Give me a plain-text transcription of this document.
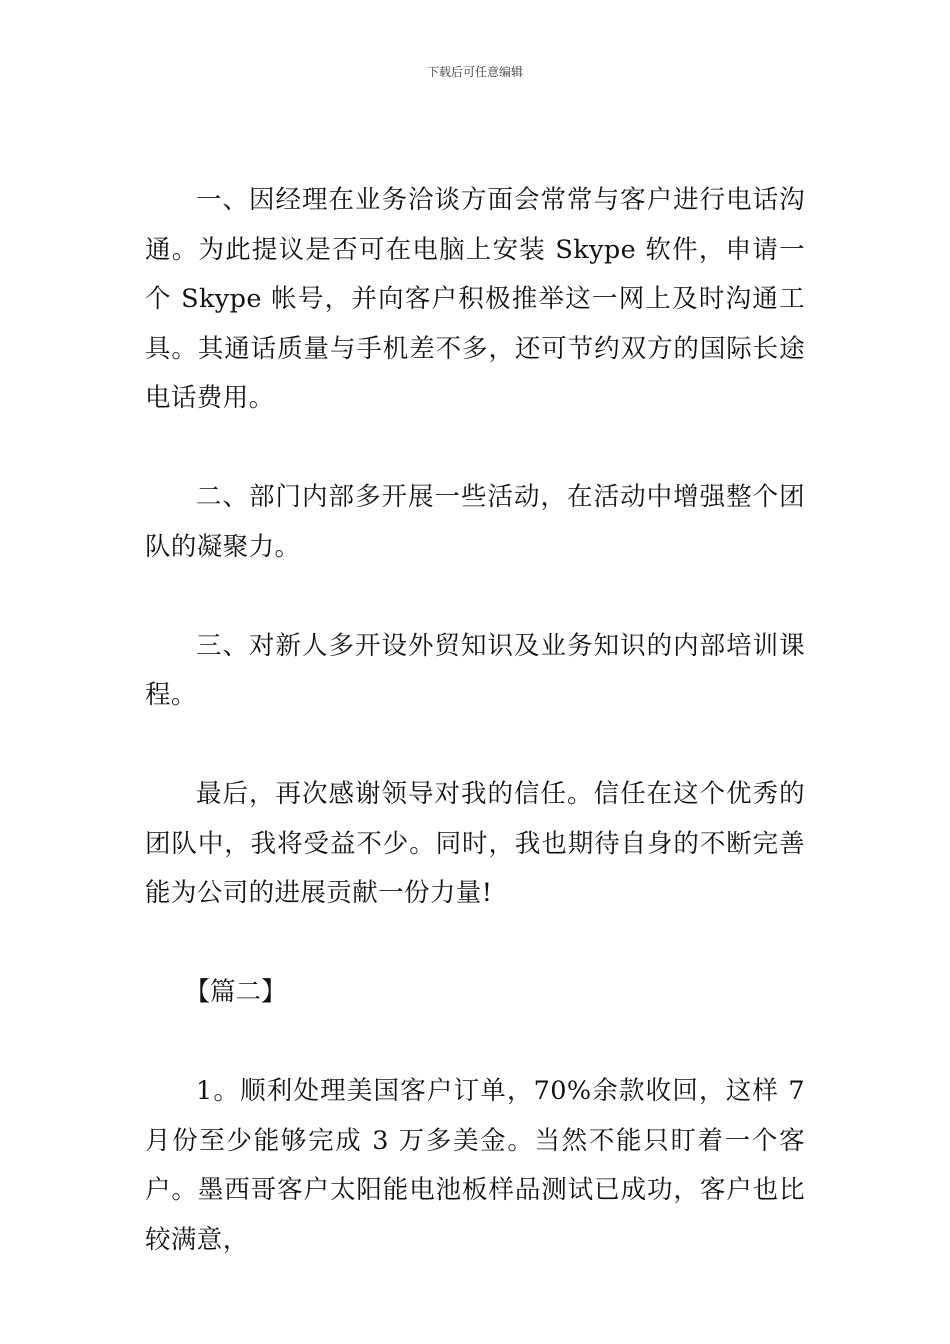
下载后可任意编辑

一、因经理在业务洽谈方面会常常与客户进行电话沟通。为此提议是否可在电脑上安装 Skype 软件，申请一个 Skype 帐号，并向客户积极推举这一网上及时沟通工具。其通话质量与手机差不多，还可节约双方的国际长途电话费用。

二、部门内部多开展一些活动，在活动中增强整个团队的凝聚力。

三、对新人多开设外贸知识及业务知识的内部培训课程。

最后，再次感谢领导对我的信任。信任在这个优秀的团队中，我将受益不少。同时，我也期待自身的不断完善能为公司的进展贡献一份力量!

【篇二】

1。顺利处理美国客户订单，70%余款收回，这样 7 月份至少能够完成 3 万多美金。当然不能只盯着一个客户。墨西哥客户太阳能电池板样品测试已成功，客户也比较满意，
